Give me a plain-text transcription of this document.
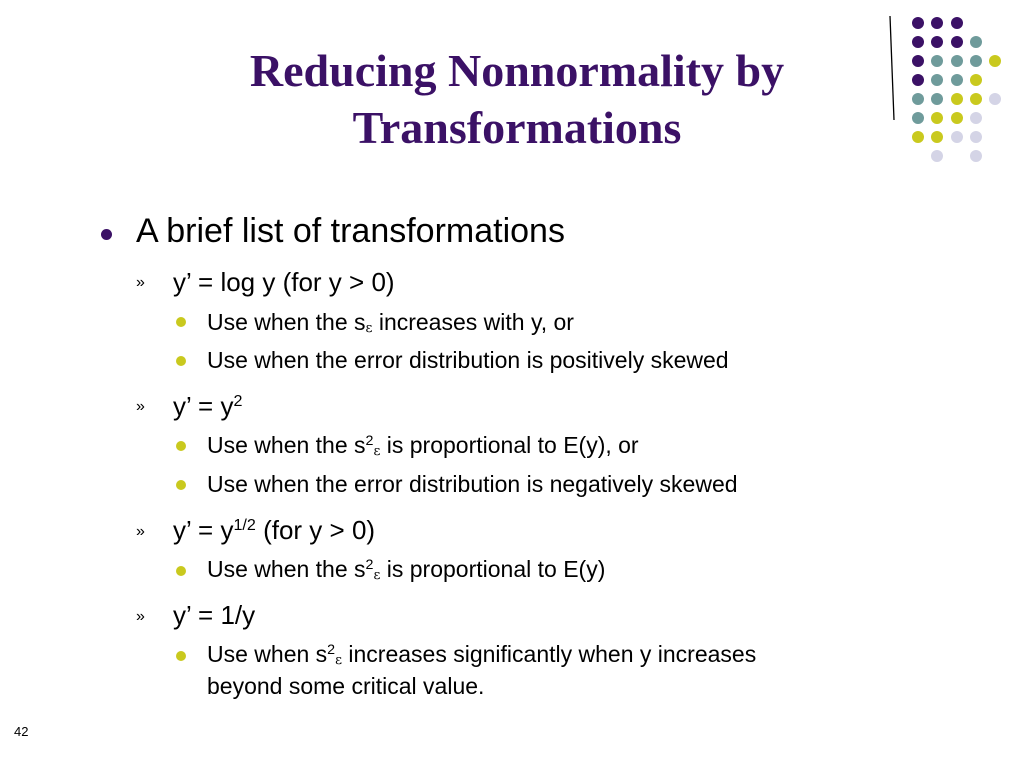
Reducing Nonnormality by
Transformations
A brief list of transformations
» y’ = log y (for y > 0)
Use when the $s_\varepsilon$ increases with y, or
Use when the error distribution is positively skewed
» y’ = $y^2$
Use when the $s^2_\varepsilon$ is proportional to E(y), or
Use when the error distribution is negatively skewed
» y’ = $y^{1/2}$ (for y > 0)
Use when the $s^2_\varepsilon$ is proportional to E(y)
» y’ = 1/y
Use when $s^2_\varepsilon$ increases significantly when y increases
beyond some critical value.
42
